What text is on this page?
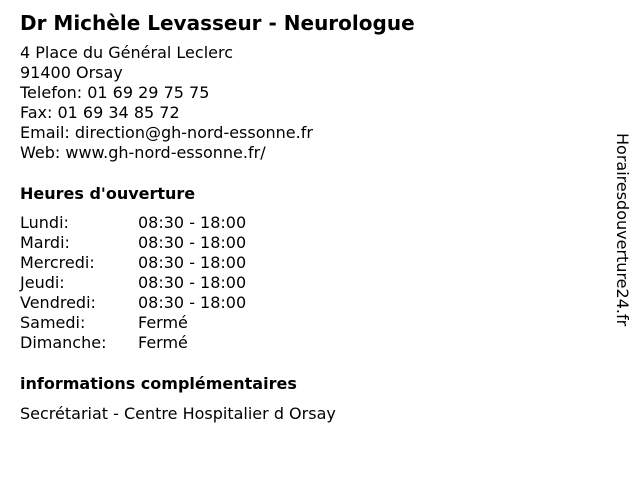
Dr Michèle Levasseur - Neurologue
4 Place du Général Leclerc
91400 Orsay
Telefon: 01 69 29 75 75
Fax: 01 69 34 85 72
Email: direction@gh-nord-essonne.fr
Web: www.gh-nord-essonne.fr/
Heures d'ouverture
Lundi:	08:30 - 18:00
Mardi:	08:30 - 18:00
Mercredi:	08:30 - 18:00
Jeudi:	08:30 - 18:00
Vendredi:	08:30 - 18:00
Samedi:	Fermé
Dimanche:	Fermé
informations complémentaires
Secrétariat - Centre Hospitalier d Orsay
Horairesdouverture24.fr
